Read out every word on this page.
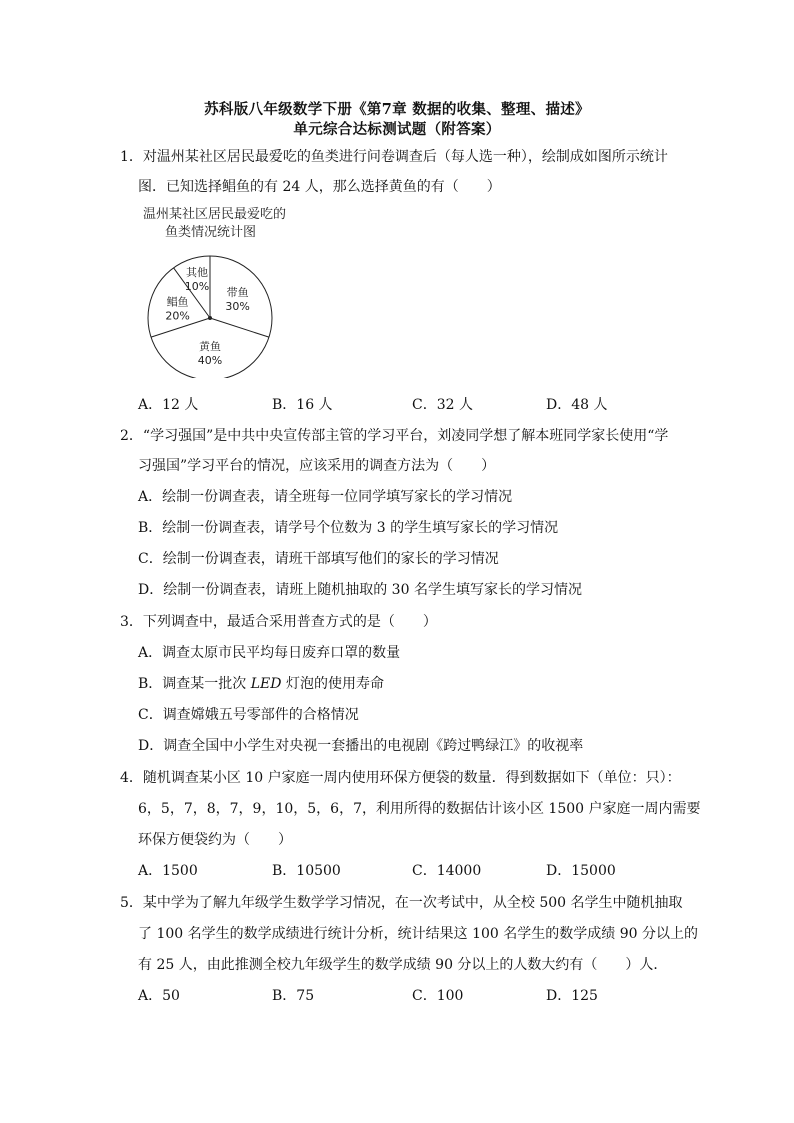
苏科版八年级数学下册《第7章 数据的收集、整理、描述》
单元综合达标测试题（附答案）
1．对温州某社区居民最爱吃的鱼类进行问卷调查后（每人选一种），绘制成如图所示统计
图．已知选择鲳鱼的有 24 人，那么选择黄鱼的有（　　）
温州某社区居民最爱吃的
鱼类情况统计图
带鱼
30%
黄鱼
40%
鲳鱼
20%
其他
10%
A．12 人	B．16 人	C．32 人	D．48 人
2．“学习强国”是中共中央宣传部主管的学习平台，刘凌同学想了解本班同学家长使用“学
习强国”学习平台的情况，应该采用的调查方法为（　　）
A．绘制一份调查表，请全班每一位同学填写家长的学习情况
B．绘制一份调查表，请学号个位数为 3 的学生填写家长的学习情况
C．绘制一份调查表，请班干部填写他们的家长的学习情况
D．绘制一份调查表，请班上随机抽取的 30 名学生填写家长的学习情况
3．下列调查中，最适合采用普查方式的是（　　）
A．调查太原市民平均每日废弃口罩的数量
B．调查某一批次 LED 灯泡的使用寿命
C．调查嫦娥五号零部件的合格情况
D．调查全国中小学生对央视一套播出的电视剧《跨过鸭绿江》的收视率
4．随机调查某小区 10 户家庭一周内使用环保方便袋的数量．得到数据如下（单位：只）：
6，5，7，8，7，9，10，5，6，7，利用所得的数据估计该小区 1500 户家庭一周内需要
环保方便袋约为（　　）
A．1500	B．10500	C．14000	D．15000
5．某中学为了解九年级学生数学学习情况，在一次考试中，从全校 500 名学生中随机抽取
了 100 名学生的数学成绩进行统计分析，统计结果这 100 名学生的数学成绩 90 分以上的
有 25 人，由此推测全校九年级学生的数学成绩 90 分以上的人数大约有（　　）人．
A．50	B．75	C．100	D．125
